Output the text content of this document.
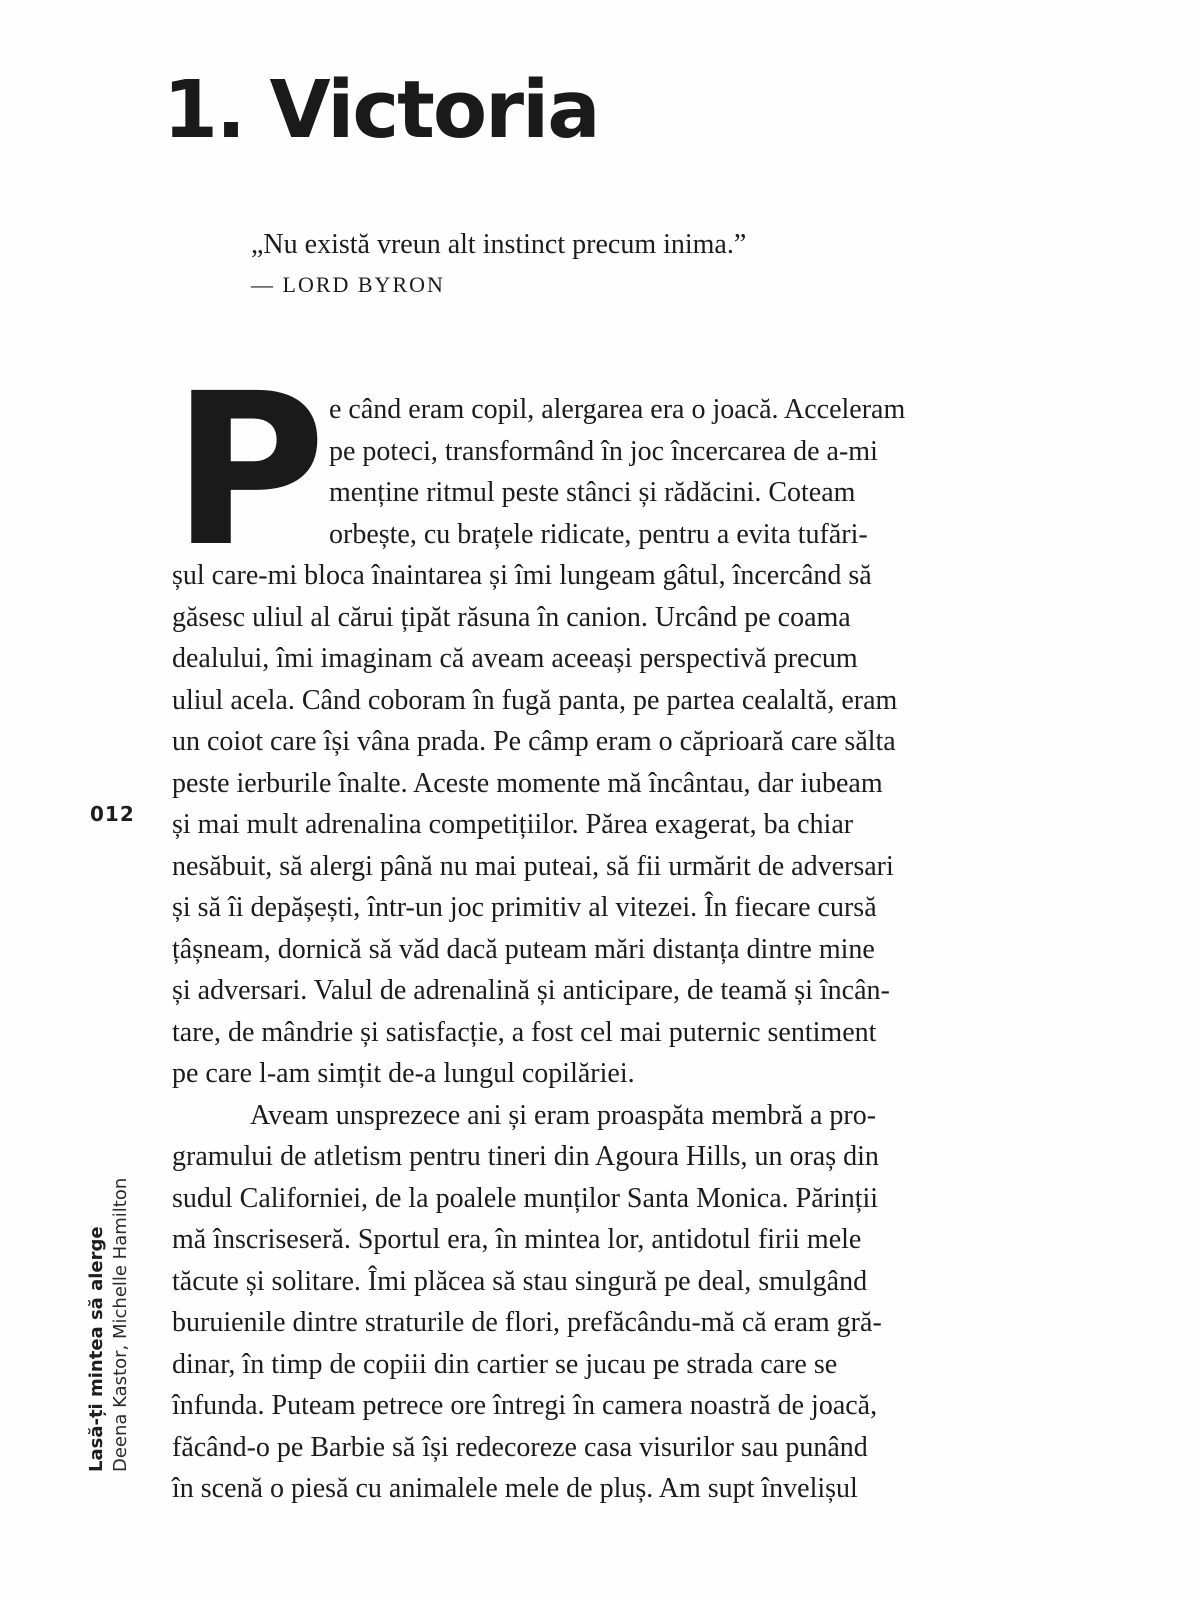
1. Victoria
„Nu există vreun alt instinct precum inima.”
— LORD BYRON
P e când eram copil, alergarea era o joacă. Acceleram
pe poteci, transformând în joc încercarea de a-mi
menține ritmul peste stânci și rădăcini. Coteam
orbește, cu brațele ridicate, pentru a evita tufări-
șul care-mi bloca înaintarea și îmi lungeam gâtul, încercând să
găsesc uliul al cărui țipăt răsuna în canion. Urcând pe coama
dealului, îmi imaginam că aveam aceeași perspectivă precum
uliul acela. Când coboram în fugă panta, pe partea cealaltă, eram
un coiot care își vâna prada. Pe câmp eram o căprioară care sălta
peste ierburile înalte. Aceste momente mă încântau, dar iubeam
și mai mult adrenalina competițiilor. Părea exagerat, ba chiar
nesăbuit, să alergi până nu mai puteai, să fii urmărit de adversari
și să îi depășești, într-un joc primitiv al vitezei. În fiecare cursă
țâșneam, dornică să văd dacă puteam mări distanța dintre mine
și adversari. Valul de adrenalină și anticipare, de teamă și încân-
tare, de mândrie și satisfacție, a fost cel mai puternic sentiment
pe care l-am simțit de-a lungul copilăriei.
Aveam unsprezece ani și eram proaspăta membră a pro-
gramului de atletism pentru tineri din Agoura Hills, un oraș din
sudul Californiei, de la poalele munților Santa Monica. Părinții
mă înscriseseră. Sportul era, în mintea lor, antidotul firii mele
tăcute și solitare. Îmi plăcea să stau singură pe deal, smulgând
buruienile dintre straturile de flori, prefăcându-mă că eram gră-
dinar, în timp de copiii din cartier se jucau pe strada care se
înfunda. Puteam petrece ore întregi în camera noastră de joacă,
făcând-o pe Barbie să își redecoreze casa visurilor sau punând
în scenă o piesă cu animalele mele de pluș. Am supt învelișul
012
Lasă-ți mintea să alerge Deena Kastor, Michelle Hamilton
